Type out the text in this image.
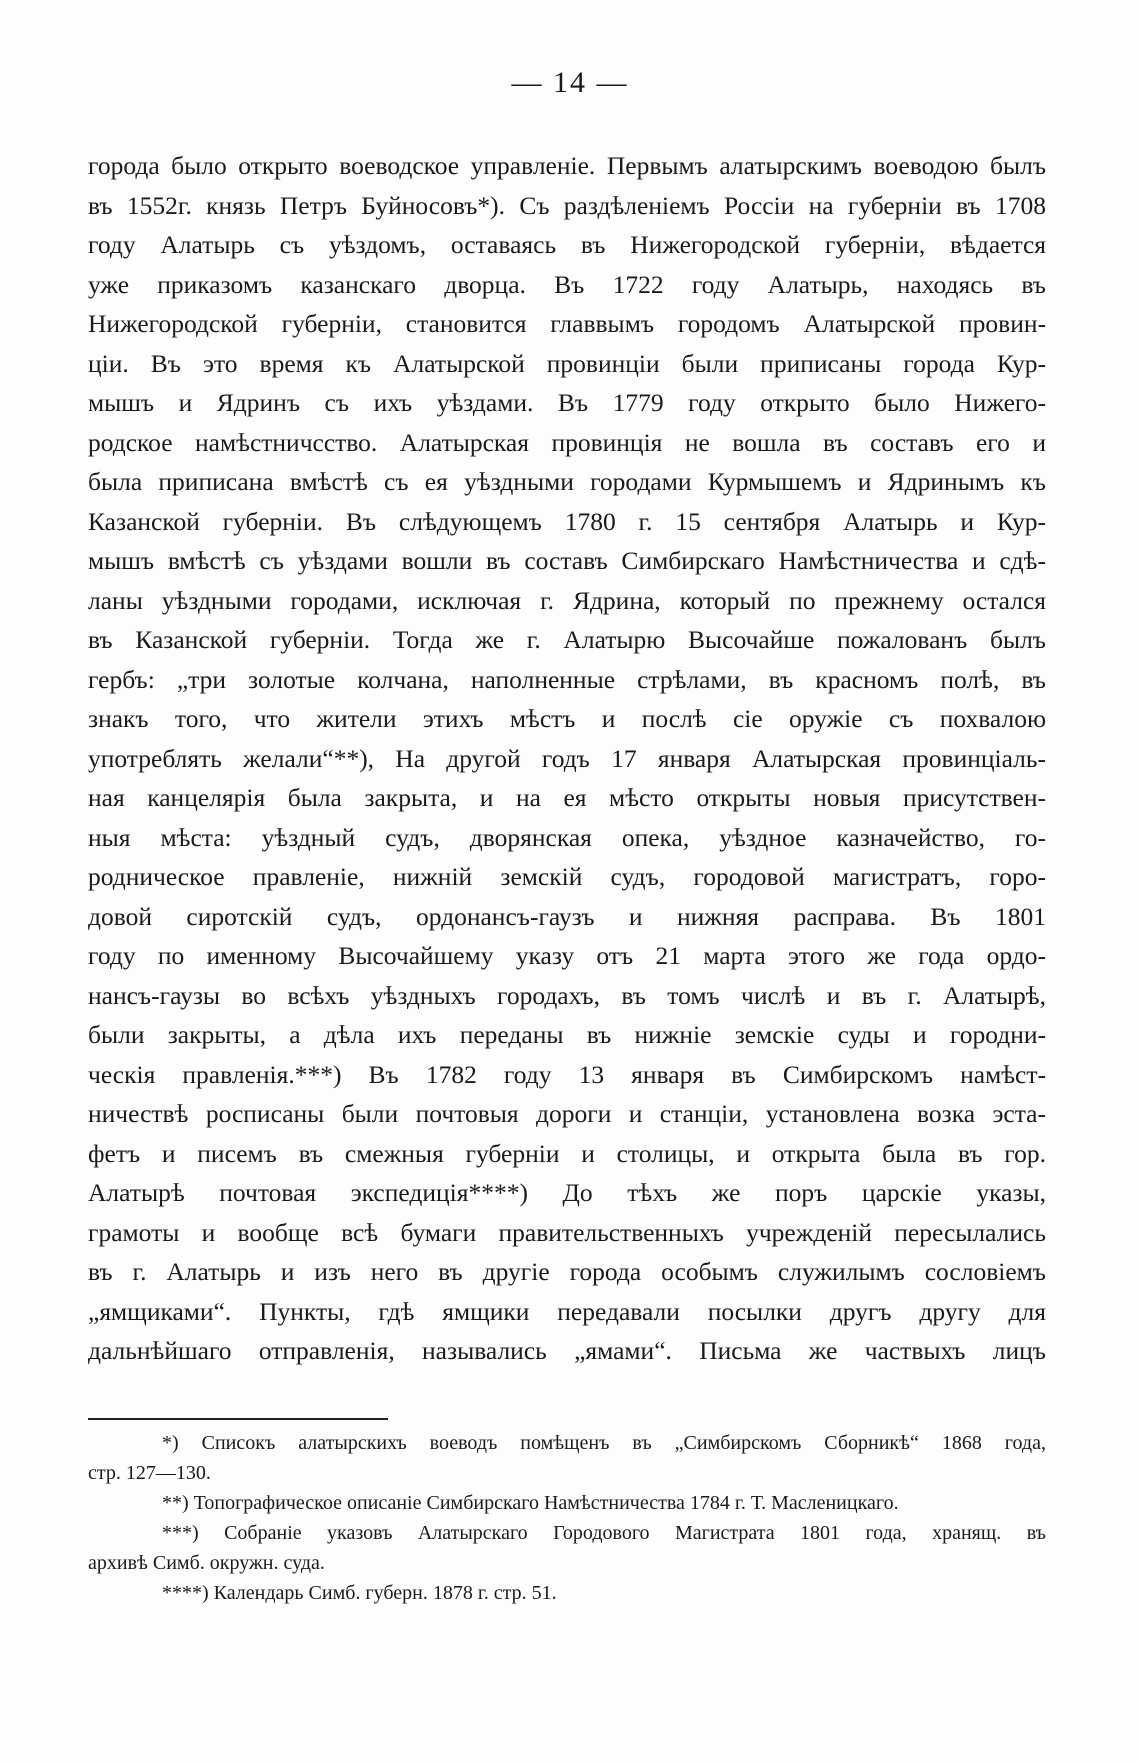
— 14 —
города было открыто воеводское управленіе. Первымъ алатырскимъ воеводою былъ
въ 1552г. князь Петръ Буйносовъ*). Съ раздѣленіемъ Россіи на губерніи въ 1708
году Алатырь съ уѣздомъ, оставаясь въ Нижегородской губерніи, вѣдается
уже приказомъ казанскаго дворца. Въ 1722 году Алатырь, находясь въ
Нижегородской губерніи, становится главвымъ городомъ Алатырской провин-
ціи. Въ это время къ Алатырской провинціи были приписаны города Кур-
мышъ и Ядринъ съ ихъ уѣздами. Въ 1779 году открыто было Нижего-
родское намѣстничсство. Алатырская провинція не вошла въ составъ его и
была приписана вмѣстѣ съ ея уѣздными городами Курмышемъ и Ядринымъ къ
Казанской губерніи. Въ слѣдующемъ 1780 г. 15 сентября Алатырь и Кур-
мышъ вмѣстѣ съ уѣздами вошли въ составъ Симбирскаго Намѣстничества и сдѣ-
ланы уѣздными городами, исключая г. Ядрина, который по прежнему остался
въ Казанской губерніи. Тогда же г. Алатырю Высочайше пожалованъ былъ
гербъ: „три золотые колчана, наполненные стрѣлами, въ красномъ полѣ, въ
знакъ того, что жители этихъ мѣстъ и послѣ сіе оружіе съ похвалою
употреблять желали“**), На другой годъ 17 января Алатырская провинціаль-
ная канцелярія была закрыта, и на ея мѣсто открыты новыя присутствен-
ныя мѣста: уѣздный судъ, дворянская опека, уѣздное казначейство, го-
родническое правленіе, нижній земскій судъ, городовой магистратъ, горо-
довой сиротскій судъ, ордонансъ-гаузъ и нижняя расправа. Въ 1801
году по именному Высочайшему указу отъ 21 марта этого же года ордо-
нансъ-гаузы во всѣхъ уѣздныхъ городахъ, въ томъ числѣ и въ г. Алатырѣ,
были закрыты, а дѣла ихъ переданы въ нижніе земскіе суды и городни-
ческія правленія.***) Въ 1782 году 13 января въ Симбирскомъ намѣст-
ничествѣ росписаны были почтовыя дороги и станціи, установлена возка эста-
фетъ и писемъ въ смежныя губерніи и столицы, и открыта была въ гор.
Алатырѣ почтовая экспедиція****) До тѣхъ же поръ царскіе указы,
грамоты и вообще всѣ бумаги правительственныхъ учрежденій пересылались
въ г. Алатырь и изъ него въ другіе города особымъ служилымъ сословіемъ
„ямщиками“. Пункты, гдѣ ямщики передавали посылки другъ другу для
дальнѣйшаго отправленія, назывались „ямами“. Письма же частвыхъ лицъ
*) Списокъ алатырскихъ воеводъ помѣщенъ въ „Симбирскомъ Сборникѣ“ 1868 года,
стр. 127—130.
**) Топографическое описаніе Симбирскаго Намѣстничества 1784 г. Т. Масленицкаго.
***) Собраніе указовъ Алатырскаго Городового Магистрата 1801 года, хранящ. въ
архивѣ Симб. окружн. суда.
****) Календарь Симб. губерн. 1878 г. стр. 51.
